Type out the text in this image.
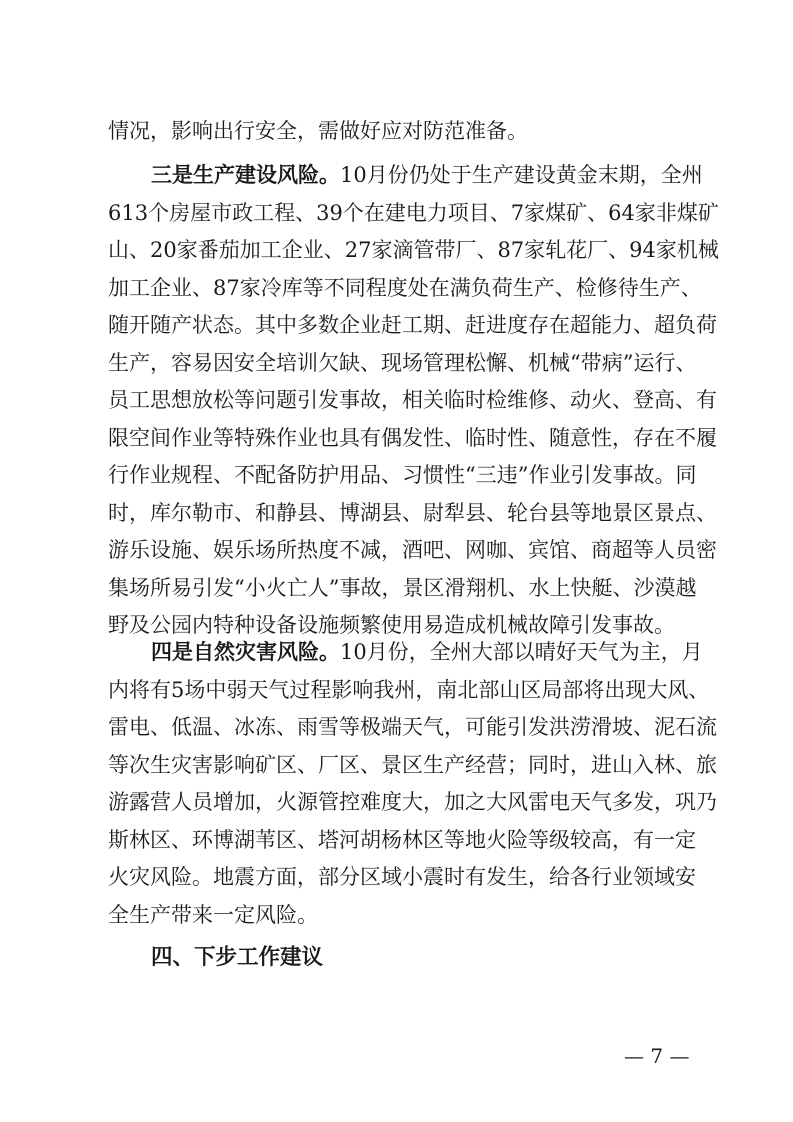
情况，影响出行安全，需做好应对防范准备。
三是生产建设风险。10月份仍处于生产建设黄金末期，全州
613个房屋市政工程、39个在建电力项目、7家煤矿、64家非煤矿
山、20家番茄加工企业、27家滴管带厂、87家轧花厂、94家机械
加工企业、87家冷库等不同程度处在满负荷生产、检修待生产、
随开随产状态。其中多数企业赶工期、赶进度存在超能力、超负荷
生产，容易因安全培训欠缺、现场管理松懈、机械“带病”运行、
员工思想放松等问题引发事故，相关临时检维修、动火、登高、有
限空间作业等特殊作业也具有偶发性、临时性、随意性，存在不履
行作业规程、不配备防护用品、习惯性“三违”作业引发事故。同
时，库尔勒市、和静县、博湖县、尉犁县、轮台县等地景区景点、
游乐设施、娱乐场所热度不减，酒吧、网咖、宾馆、商超等人员密
集场所易引发“小火亡人”事故，景区滑翔机、水上快艇、沙漠越
野及公园内特种设备设施频繁使用易造成机械故障引发事故。
四是自然灾害风险。10月份，全州大部以晴好天气为主，月
内将有5场中弱天气过程影响我州，南北部山区局部将出现大风、
雷电、低温、冰冻、雨雪等极端天气，可能引发洪涝滑坡、泥石流
等次生灾害影响矿区、厂区、景区生产经营；同时，进山入林、旅
游露营人员增加，火源管控难度大，加之大风雷电天气多发，巩乃
斯林区、环博湖苇区、塔河胡杨林区等地火险等级较高，有一定
火灾风险。地震方面，部分区域小震时有发生，给各行业领域安
全生产带来一定风险。
四、下步工作建议
— 7 —
